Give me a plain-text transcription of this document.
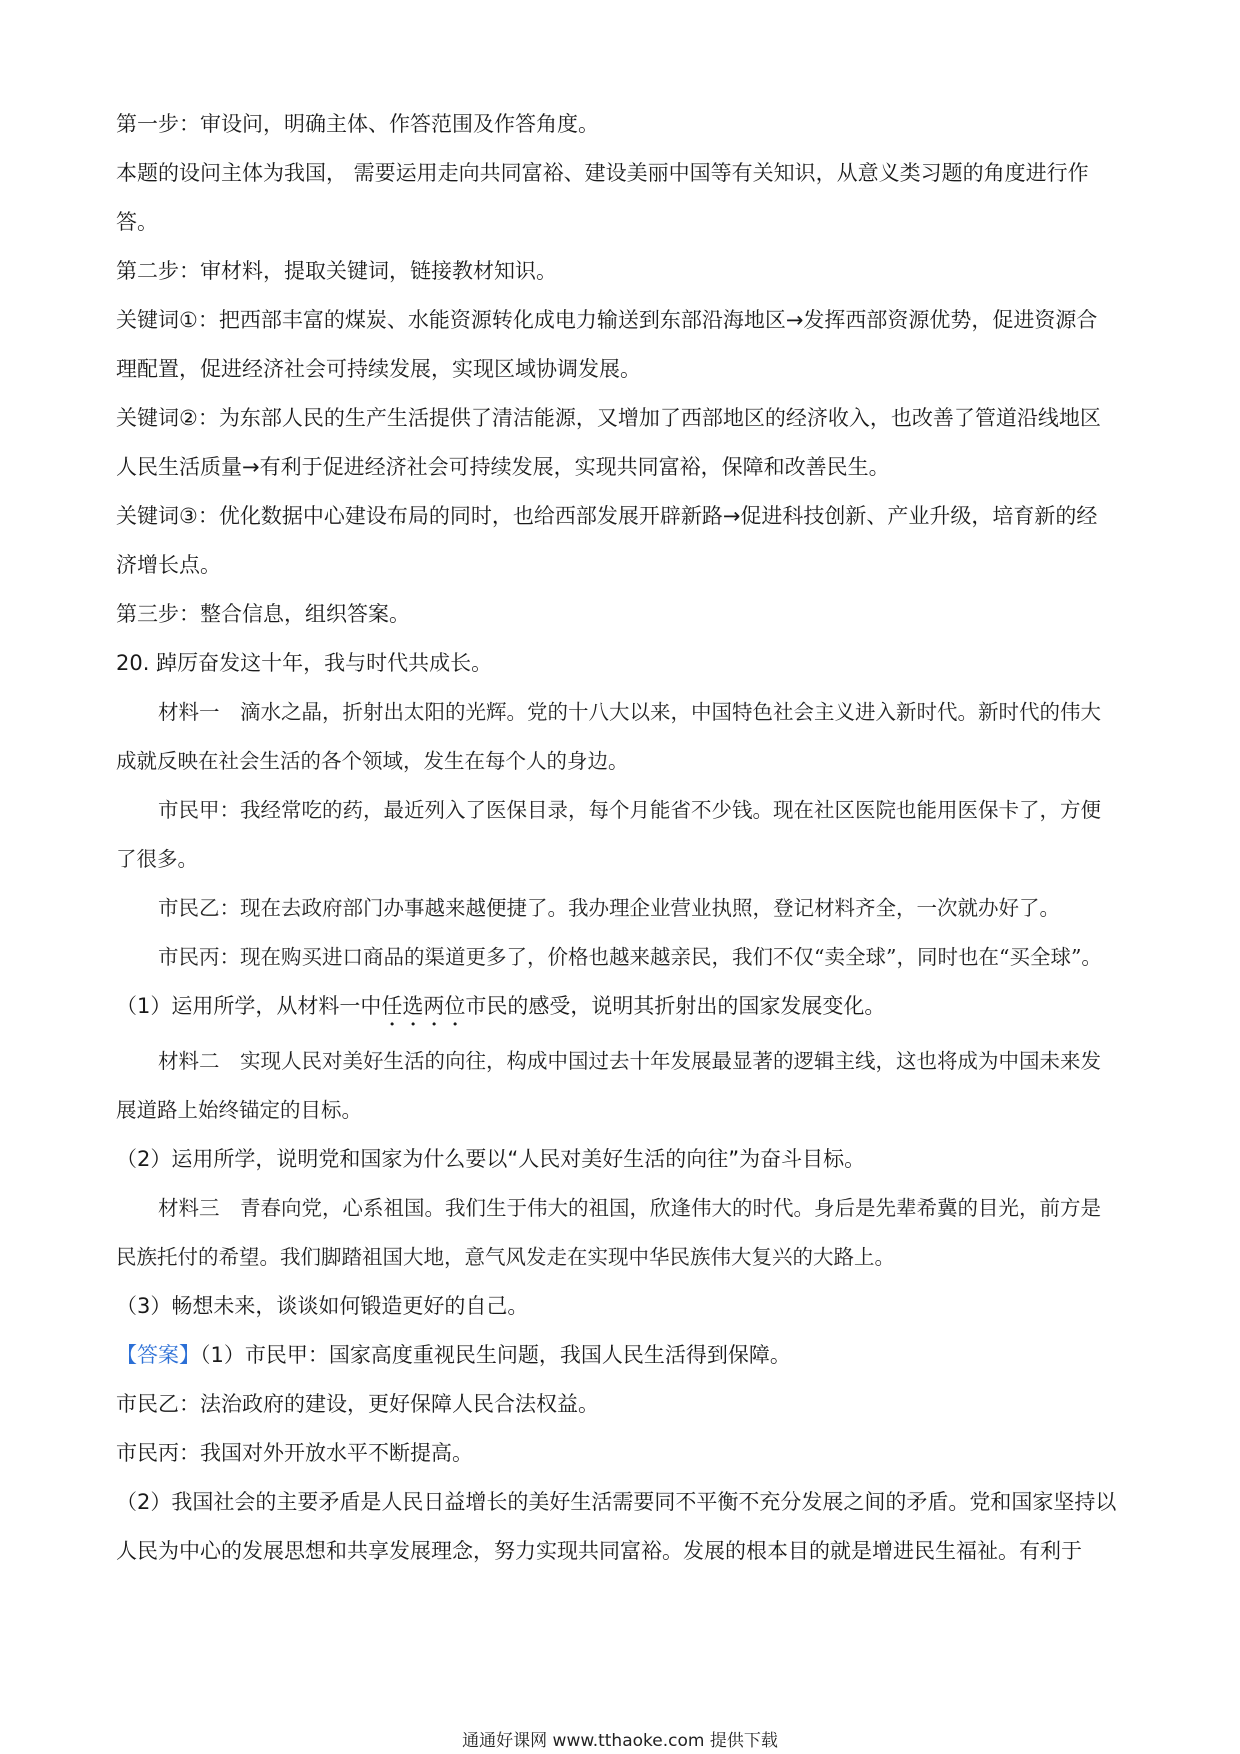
第一步：审设问，明确主体、作答范围及作答角度。

本题的设问主体为我国， 需要运用走向共同富裕、建设美丽中国等有关知识，从意义类习题的角度进行作答。

第二步：审材料，提取关键词，链接教材知识。

关键词①：把西部丰富的煤炭、水能资源转化成电力输送到东部沿海地区→发挥西部资源优势，促进资源合理配置，促进经济社会可持续发展，实现区域协调发展。

关键词②：为东部人民的生产生活提供了清洁能源，又增加了西部地区的经济收入，也改善了管道沿线地区人民生活质量→有利于促进经济社会可持续发展，实现共同富裕，保障和改善民生。

关键词③：优化数据中心建设布局的同时，也给西部发展开辟新路→促进科技创新、产业升级，培育新的经济增长点。

第三步：整合信息，组织答案。

20. 踔厉奋发这十年，我与时代共成长。

材料一　滴水之晶，折射出太阳的光辉。党的十八大以来，中国特色社会主义进入新时代。新时代的伟大成就反映在社会生活的各个领域，发生在每个人的身边。

市民甲：我经常吃的药，最近列入了医保目录，每个月能省不少钱。现在社区医院也能用医保卡了，方便了很多。

市民乙：现在去政府部门办事越来越便捷了。我办理企业营业执照，登记材料齐全，一次就办好了。

市民丙：现在购买进口商品的渠道更多了，价格也越来越亲民，我们不仅“卖全球”，同时也在“买全球”。

（1）运用所学，从材料一中任选两位市民的感受，说明其折射出的国家发展变化。

材料二　实现人民对美好生活的向往，构成中国过去十年发展最显著的逻辑主线，这也将成为中国未来发展道路上始终锚定的目标。

（2）运用所学，说明党和国家为什么要以“人民对美好生活的向往”为奋斗目标。

材料三　青春向党，心系祖国。我们生于伟大的祖国，欣逢伟大的时代。身后是先辈希冀的目光，前方是民族托付的希望。我们脚踏祖国大地，意气风发走在实现中华民族伟大复兴的大路上。

（3）畅想未来，谈谈如何锻造更好的自己。

【答案】（1）市民甲：国家高度重视民生问题，我国人民生活得到保障。

市民乙：法治政府的建设，更好保障人民合法权益。

市民丙：我国对外开放水平不断提高。

（2）我国社会的主要矛盾是人民日益增长的美好生活需要同不平衡不充分发展之间的矛盾。党和国家坚持以人民为中心的发展思想和共享发展理念，努力实现共同富裕。发展的根本目的就是增进民生福祉。有利于

通通好课网 www.tthaoke.com 提供下载
